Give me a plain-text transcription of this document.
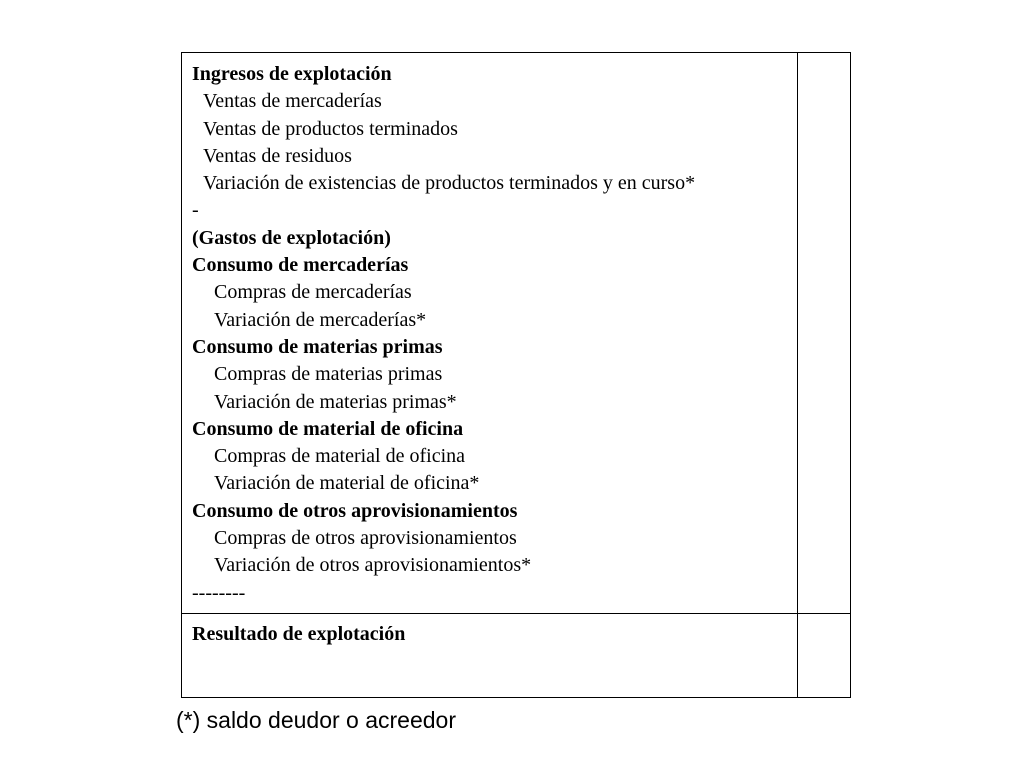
Ingresos de explotación
Ventas de mercaderías
Ventas de productos terminados
Ventas de residuos
Variación de existencias de productos terminados y en curso*
-
(Gastos de explotación)
Consumo de mercaderías
Compras de mercaderías
Variación de mercaderías*
Consumo de materias primas
Compras de materias primas
Variación de materias primas*
Consumo de material de oficina
Compras de material de oficina
Variación de material de oficina*
Consumo de otros aprovisionamientos
Compras de otros aprovisionamientos
Variación de otros aprovisionamientos*
--------
Resultado de explotación
(*) saldo deudor o acreedor
